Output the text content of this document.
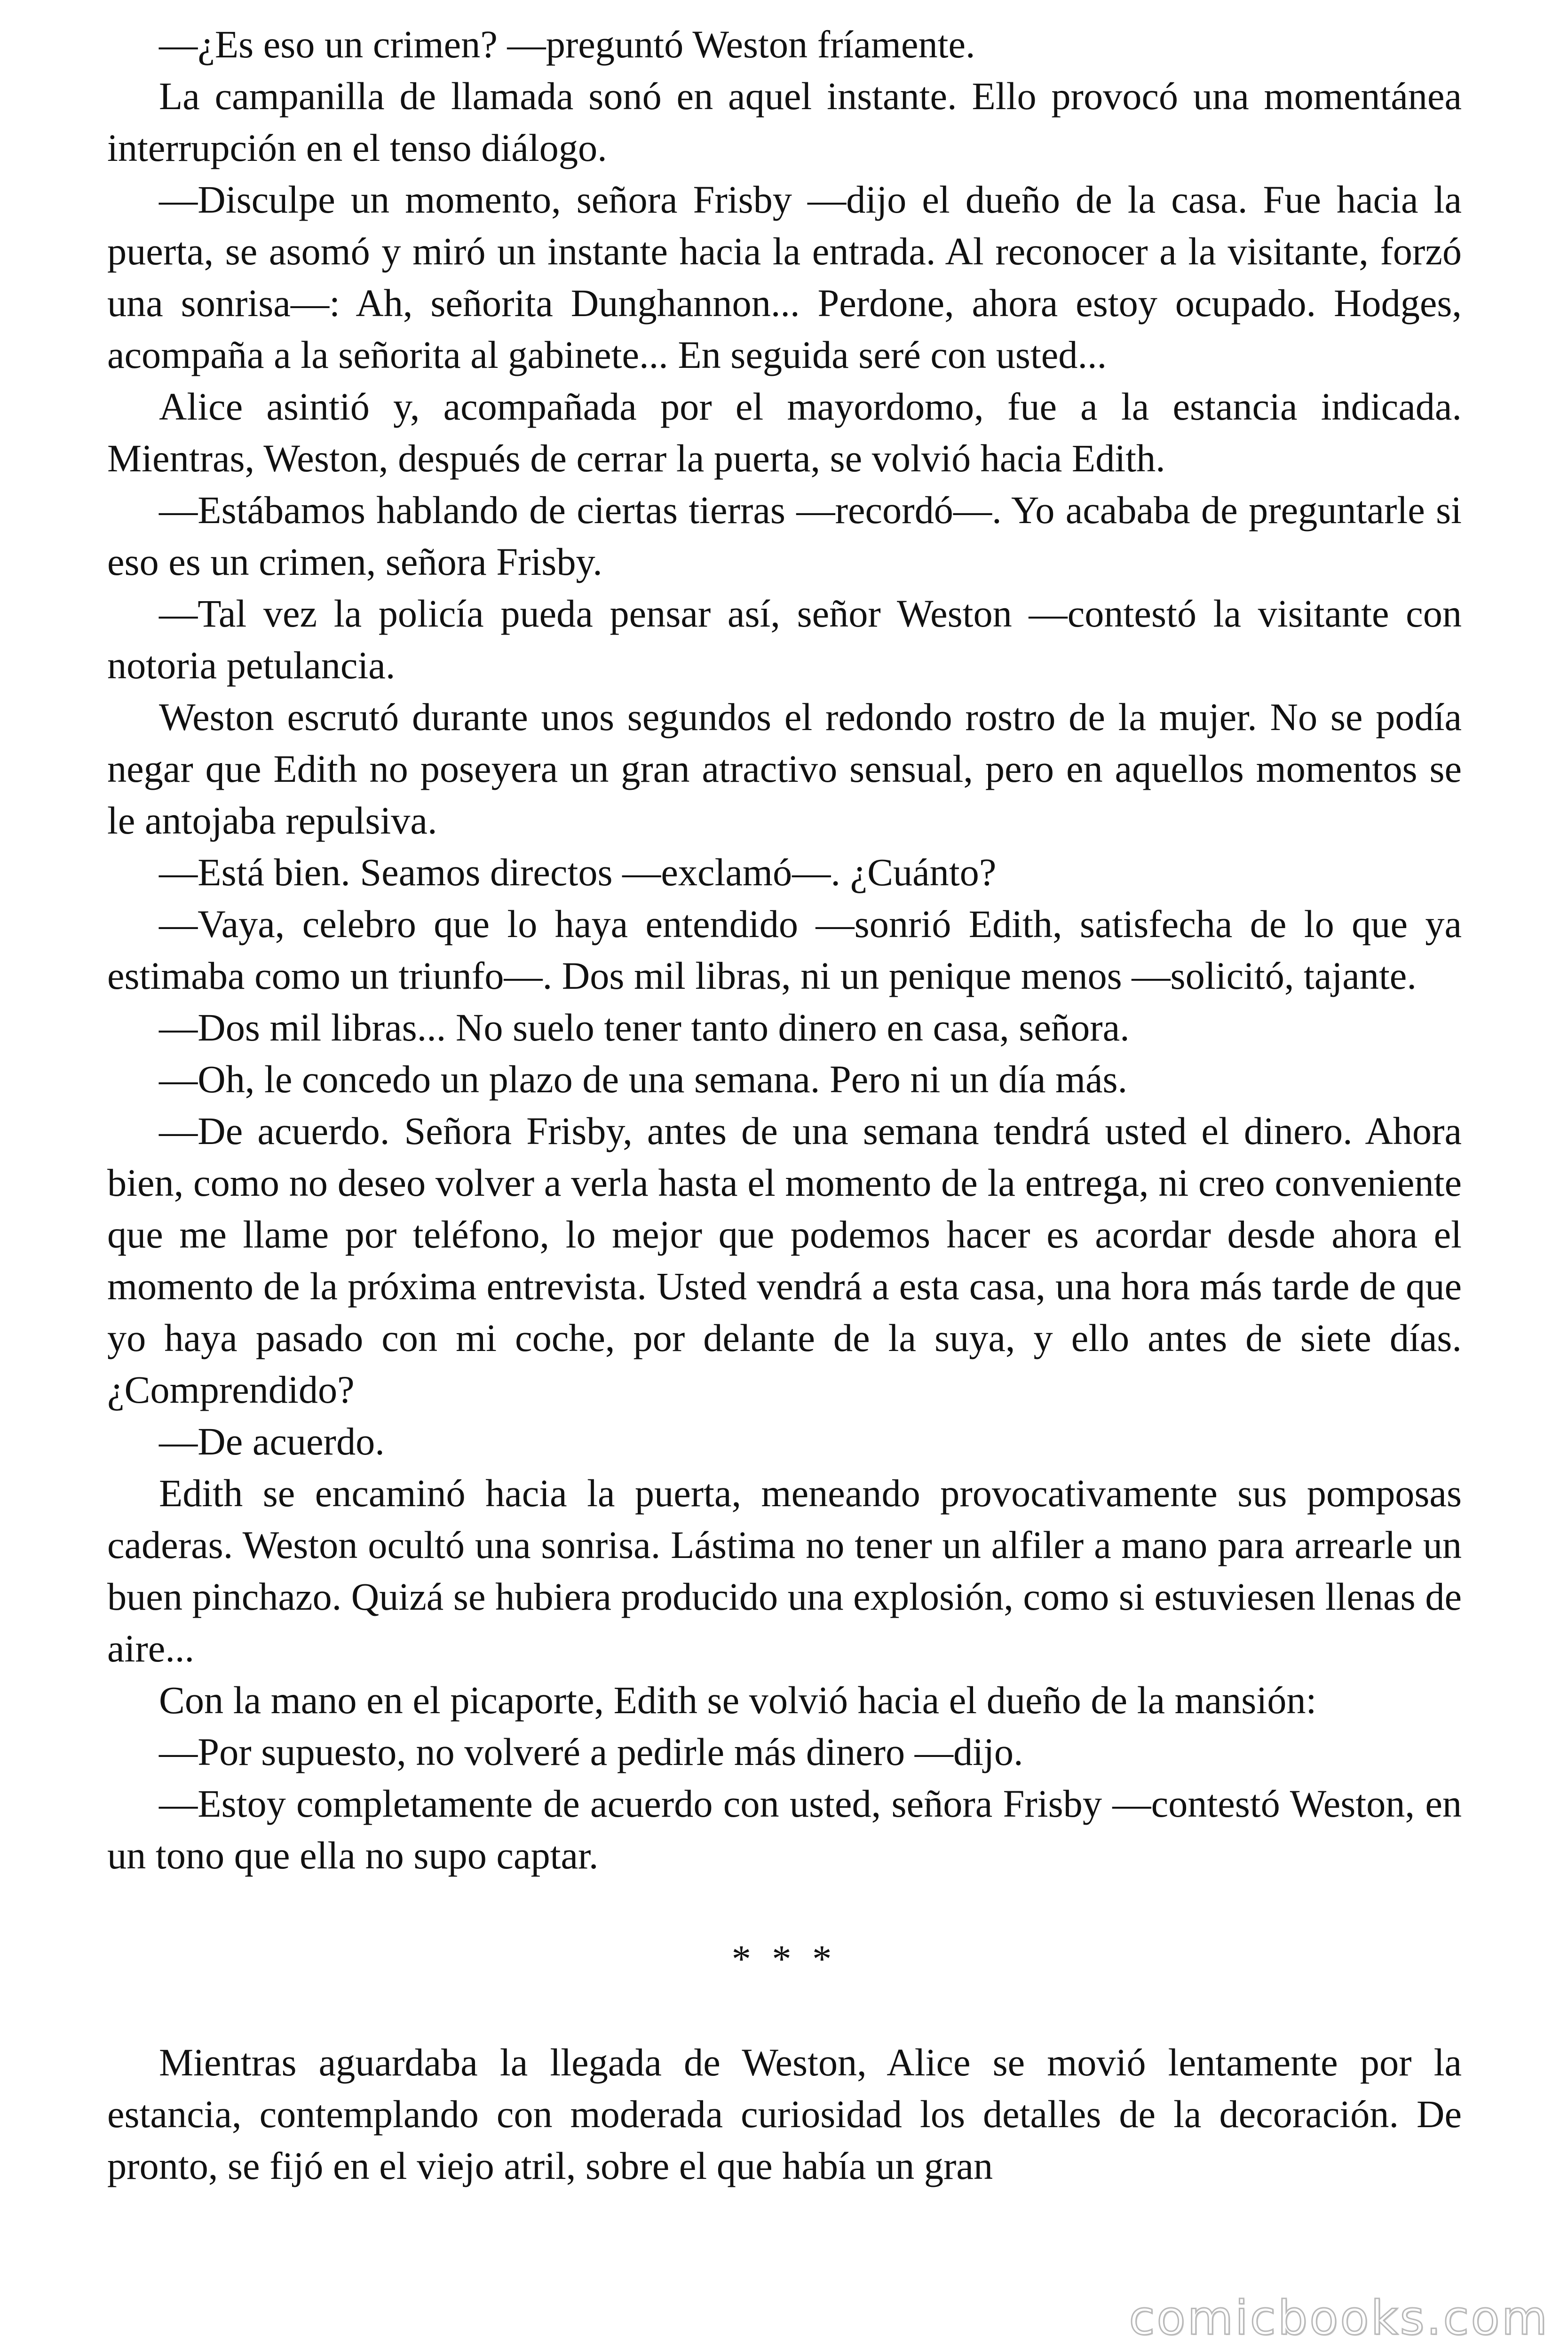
—¿Es eso un crimen? —preguntó Weston fríamente.

La campanilla de llamada sonó en aquel instante. Ello provocó una momentánea interrupción en el tenso diálogo.

—Disculpe un momento, señora Frisby —dijo el dueño de la casa. Fue hacia la puerta, se asomó y miró un instante hacia la entrada. Al reconocer a la visitante, forzó una sonrisa—: Ah, señorita Dunghannon... Perdone, ahora estoy ocupado. Hodges, acompaña a la señorita al gabinete... En seguida seré con usted...

Alice asintió y, acompañada por el mayordomo, fue a la estancia indicada. Mientras, Weston, después de cerrar la puerta, se volvió hacia Edith.

—Estábamos hablando de ciertas tierras —recordó—. Yo acababa de preguntarle si eso es un crimen, señora Frisby.

—Tal vez la policía pueda pensar así, señor Weston —contestó la visitante con notoria petulancia.

Weston escrutó durante unos segundos el redondo rostro de la mujer. No se podía negar que Edith no poseyera un gran atractivo sensual, pero en aquellos momentos se le antojaba repulsiva.

—Está bien. Seamos directos —exclamó—. ¿Cuánto?

—Vaya, celebro que lo haya entendido —sonrió Edith, satisfecha de lo que ya estimaba como un triunfo—. Dos mil libras, ni un penique menos —solicitó, tajante.

—Dos mil libras... No suelo tener tanto dinero en casa, señora.

—Oh, le concedo un plazo de una semana. Pero ni un día más.

—De acuerdo. Señora Frisby, antes de una semana tendrá usted el dinero. Ahora bien, como no deseo volver a verla hasta el momento de la entrega, ni creo conveniente que me llame por teléfono, lo mejor que podemos hacer es acordar desde ahora el momento de la próxima entrevista. Usted vendrá a esta casa, una hora más tarde de que yo haya pasado con mi coche, por delante de la suya, y ello antes de siete días. ¿Comprendido?

—De acuerdo.

Edith se encaminó hacia la puerta, meneando provocativamente sus pomposas caderas. Weston ocultó una sonrisa. Lástima no tener un alfiler a mano para arrearle un buen pinchazo. Quizá se hubiera producido una explosión, como si estuviesen llenas de aire...

Con la mano en el picaporte, Edith se volvió hacia el dueño de la mansión:

—Por supuesto, no volveré a pedirle más dinero —dijo.

—Estoy completamente de acuerdo con usted, señora Frisby —contestó Weston, en un tono que ella no supo captar.

* * *

Mientras aguardaba la llegada de Weston, Alice se movió lentamente por la estancia, contemplando con moderada curiosidad los detalles de la decoración. De pronto, se fijó en el viejo atril, sobre el que había un gran

comicbooks.com
